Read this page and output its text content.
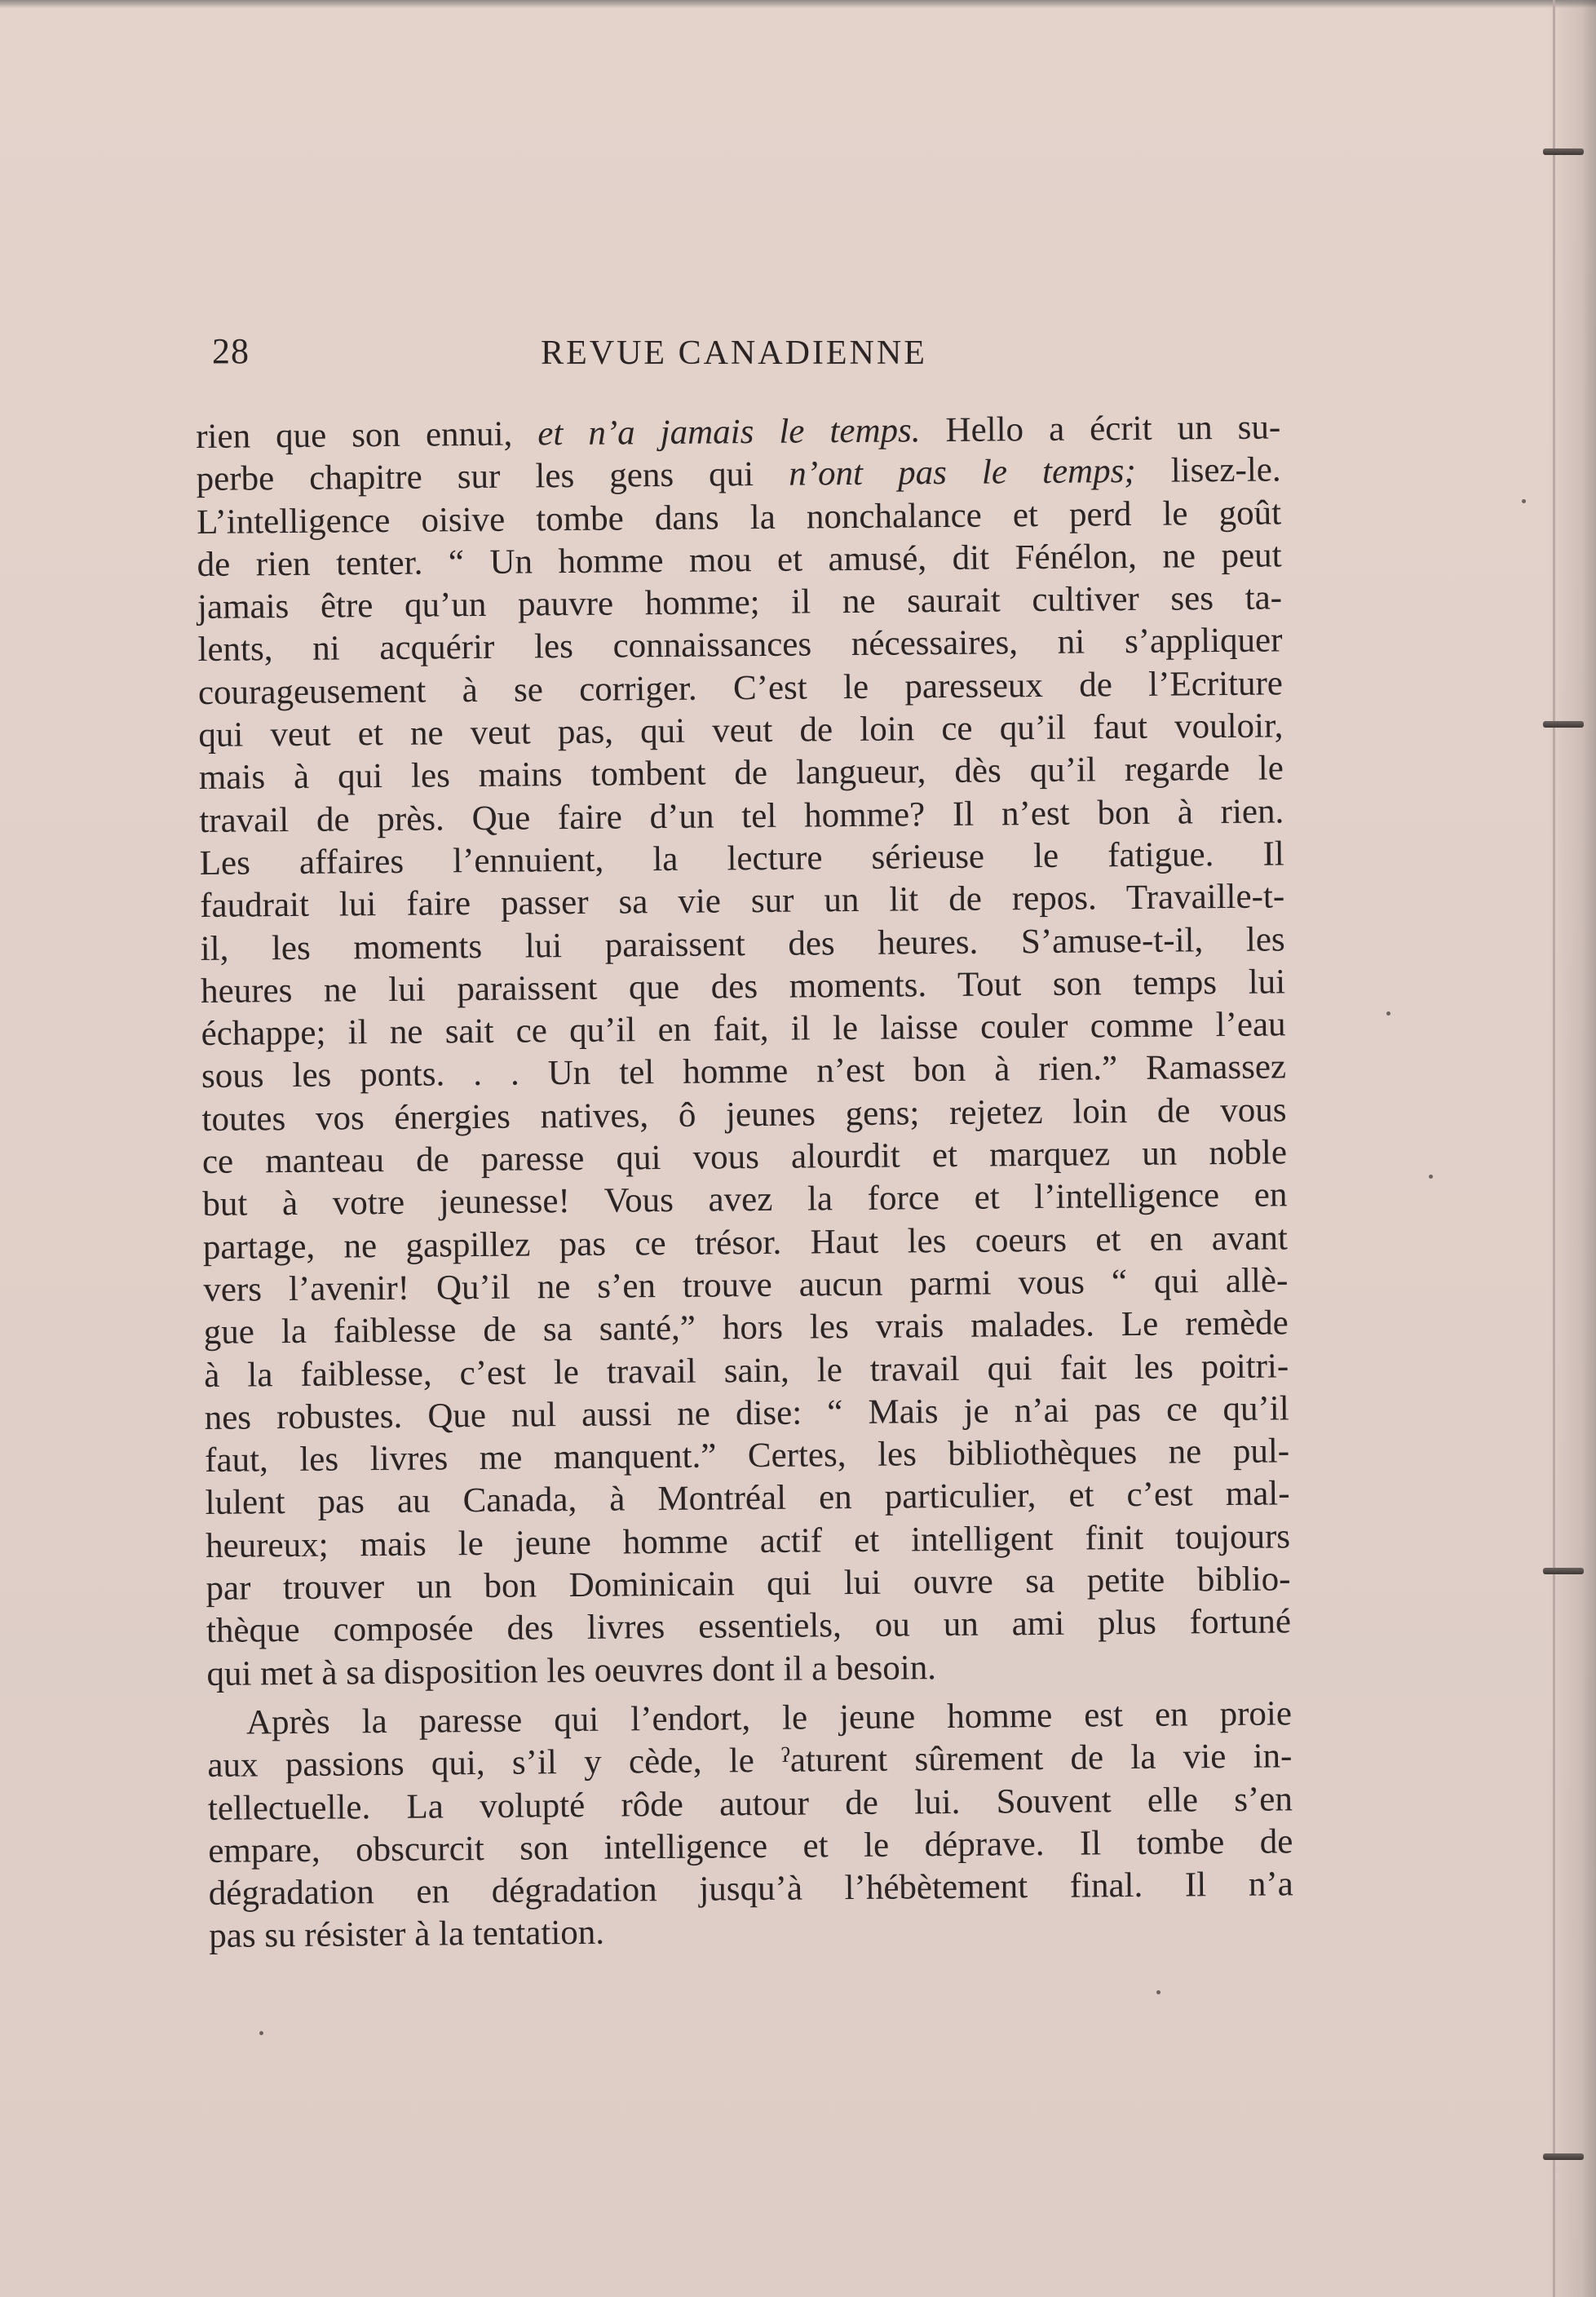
28	REVUE CANADIENNE
rien que son ennui, et n’a jamais le temps. Hello a écrit un su-
perbe chapitre sur les gens qui n’ont pas le temps; lisez-le.
L’intelligence oisive tombe dans la nonchalance et perd le goût
de rien tenter. “ Un homme mou et amusé, dit Fénélon, ne peut
jamais être qu’un pauvre homme; il ne saurait cultiver ses ta-
lents, ni acquérir les connaissances nécessaires, ni s’appliquer
courageusement à se corriger. C’est le paresseux de l’Ecriture
qui veut et ne veut pas, qui veut de loin ce qu’il faut vouloir,
mais à qui les mains tombent de langueur, dès qu’il regarde le
travail de près. Que faire d’un tel homme? Il n’est bon à rien.
Les affaires l’ennuient, la lecture sérieuse le fatigue. Il
faudrait lui faire passer sa vie sur un lit de repos. Travaille-t-
il, les moments lui paraissent des heures. S’amuse-t-il, les
heures ne lui paraissent que des moments. Tout son temps lui
échappe; il ne sait ce qu’il en fait, il le laisse couler comme l’eau
sous les ponts. . . Un tel homme n’est bon à rien.” Ramassez
toutes vos énergies natives, ô jeunes gens; rejetez loin de vous
ce manteau de paresse qui vous alourdit et marquez un noble
but à votre jeunesse! Vous avez la force et l’intelligence en
partage, ne gaspillez pas ce trésor. Haut les coeurs et en avant
vers l’avenir! Qu’il ne s’en trouve aucun parmi vous “ qui allè-
gue la faiblesse de sa santé,” hors les vrais malades. Le remède
à la faiblesse, c’est le travail sain, le travail qui fait les poitri-
nes robustes. Que nul aussi ne dise: “ Mais je n’ai pas ce qu’il
faut, les livres me manquent.” Certes, les bibliothèques ne pul-
lulent pas au Canada, à Montréal en particulier, et c’est mal-
heureux; mais le jeune homme actif et intelligent finit toujours
par trouver un bon Dominicain qui lui ouvre sa petite biblio-
thèque composée des livres essentiels, ou un ami plus fortuné
qui met à sa disposition les oeuvres dont il a besoin.
Après la paresse qui l’endort, le jeune homme est en proie
aux passions qui, s’il y cède, le ˀaturent sûrement de la vie in-
tellectuelle. La volupté rôde autour de lui. Souvent elle s’en
empare, obscurcit son intelligence et le déprave. Il tombe de
dégradation en dégradation jusqu’à l’hébètement final. Il n’a
pas su résister à la tentation.
